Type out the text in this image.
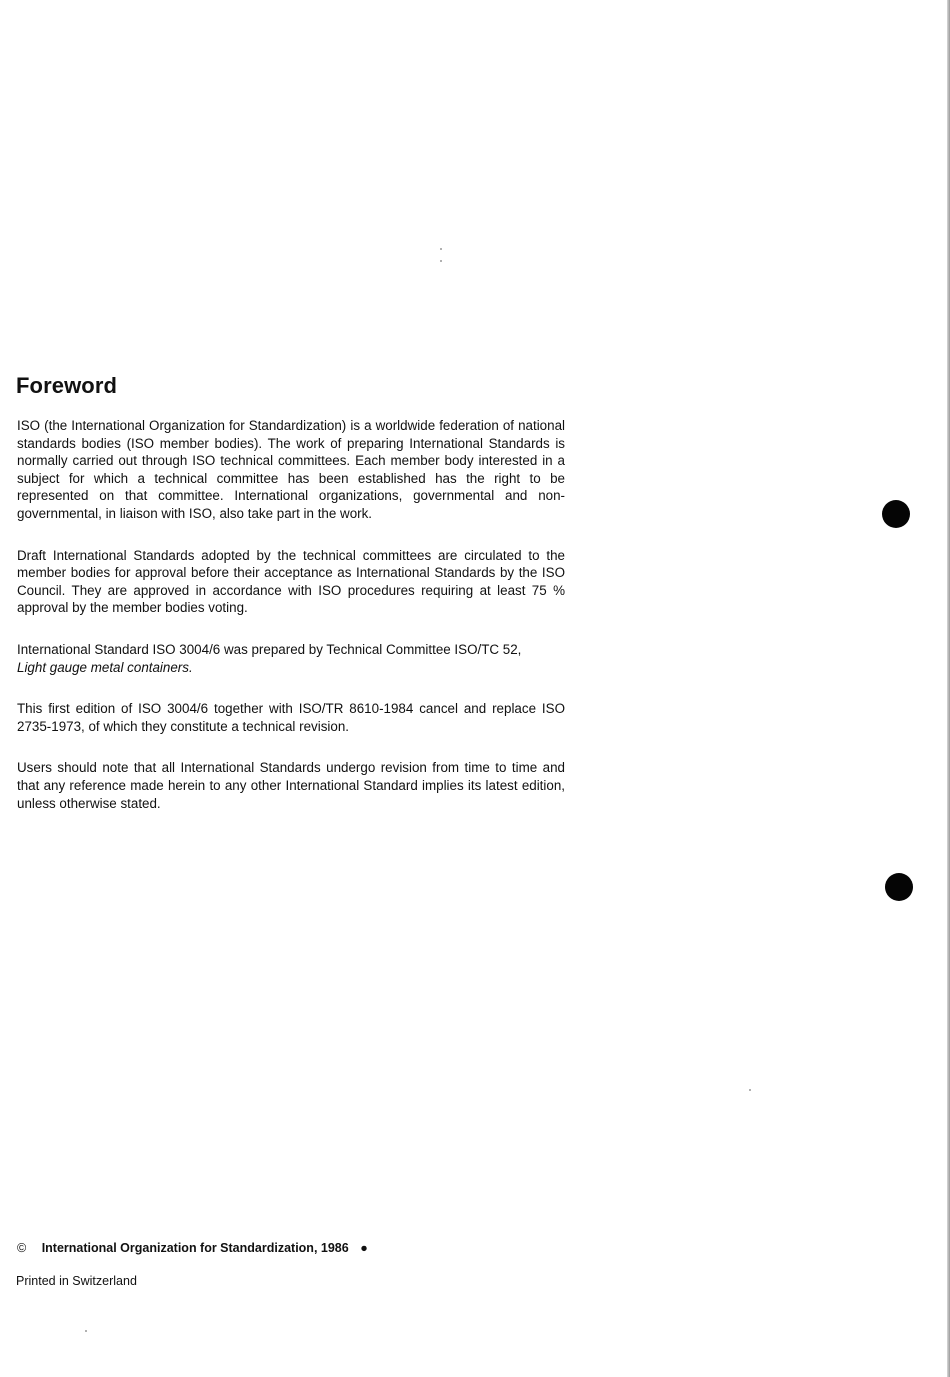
Foreword

ISO (the International Organization for Standardization) is a worldwide federation of national standards bodies (ISO member bodies). The work of preparing International Standards is normally carried out through ISO technical committees. Each member body interested in a subject for which a technical committee has been established has the right to be represented on that committee. International organizations, governmental and non-governmental, in liaison with ISO, also take part in the work.

Draft International Standards adopted by the technical committees are circulated to the member bodies for approval before their acceptance as International Standards by the ISO Council. They are approved in accordance with ISO procedures requiring at least 75 % approval by the member bodies voting.

International Standard ISO 3004/6 was prepared by Technical Committee ISO/TC 52,
Light gauge metal containers.

This first edition of ISO 3004/6 together with ISO/TR 8610-1984 cancel and replace ISO 2735-1973, of which they constitute a technical revision.

Users should note that all International Standards undergo revision from time to time and that any reference made herein to any other International Standard implies its latest edition, unless otherwise stated.

© International Organization for Standardization, 1986 ●
Printed in Switzerland
